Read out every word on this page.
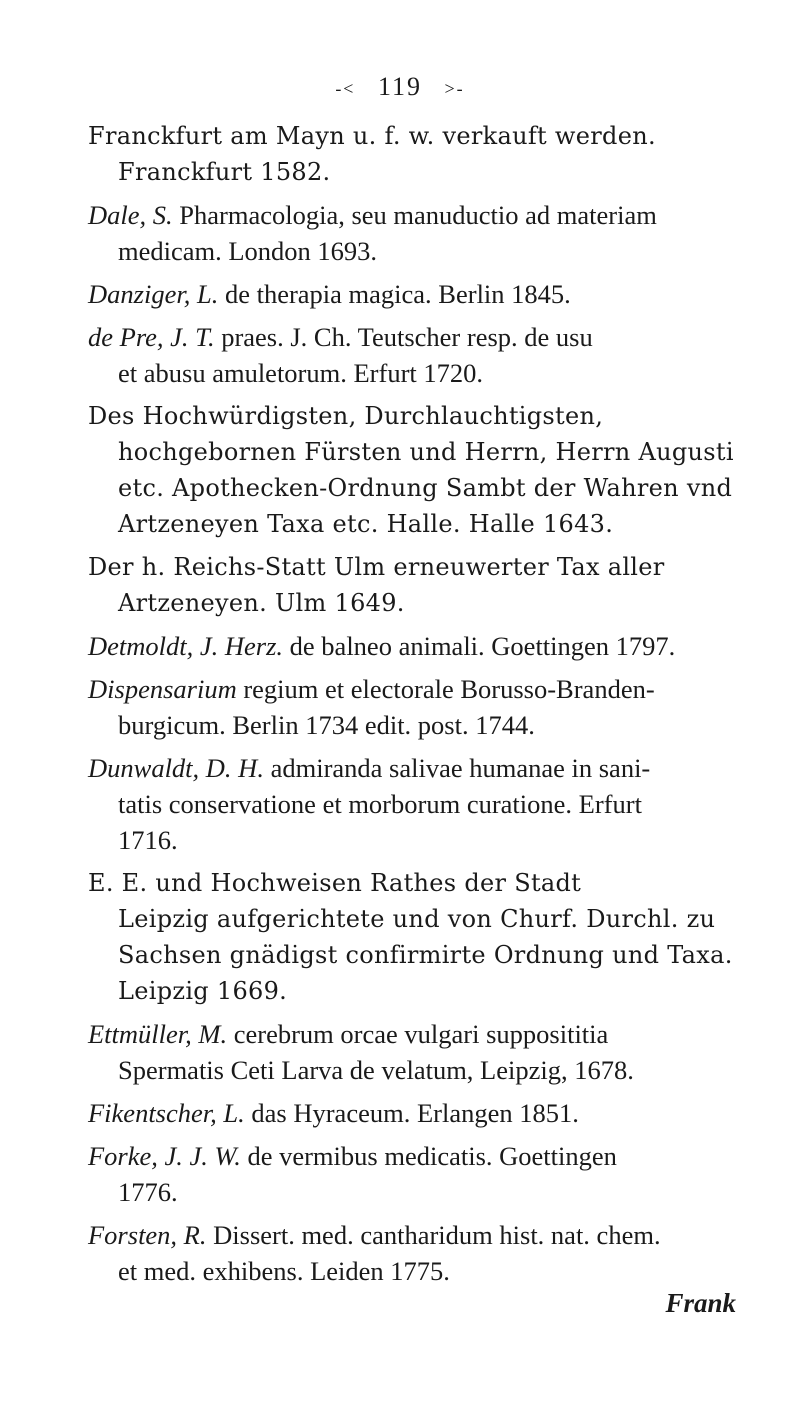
-˂ 119 ˃-
Franckfurt am Mayn u. f. w. verkauft werden.
Franckfurt 1582.
Dale, S. Pharmacologia, seu manuductio ad materiam
medicam. London 1693.
Danziger, L. de therapia magica. Berlin 1845.
de Pre, J. T. praes. J. Ch. Teutscher resp. de usu
et abusu amuletorum. Erfurt 1720.
Des Hochwürdigsten, Durchlauchtigsten,
hochgebornen Fürsten und Herrn, Herrn Augusti
etc. Apothecken-Ordnung Sambt der Wahren vnd
Artzeneyen Taxa etc. Halle. Halle 1643.
Der h. Reichs-Statt Ulm erneuwerter Tax aller
Artzeneyen. Ulm 1649.
Detmoldt, J. Herz. de balneo animali. Goettingen 1797.
Dispensarium regium et electorale Borusso-Branden-
burgicum. Berlin 1734 edit. post. 1744.
Dunwaldt, D. H. admiranda salivae humanae in sani-
tatis conservatione et morborum curatione. Erfurt
1716.
E. E. und Hochweisen Rathes der Stadt
Leipzig aufgerichtete und von Churf. Durchl. zu
Sachsen gnädigst confirmirte Ordnung und Taxa.
Leipzig 1669.
Ettmüller, M. cerebrum orcae vulgari supposititia
Spermatis Ceti Larva de velatum, Leipzig, 1678.
Fikentscher, L. das Hyraceum. Erlangen 1851.
Forke, J. J. W. de vermibus medicatis. Goettingen
1776.
Forsten, R. Dissert. med. cantharidum hist. nat. chem.
et med. exhibens. Leiden 1775.
Frank
